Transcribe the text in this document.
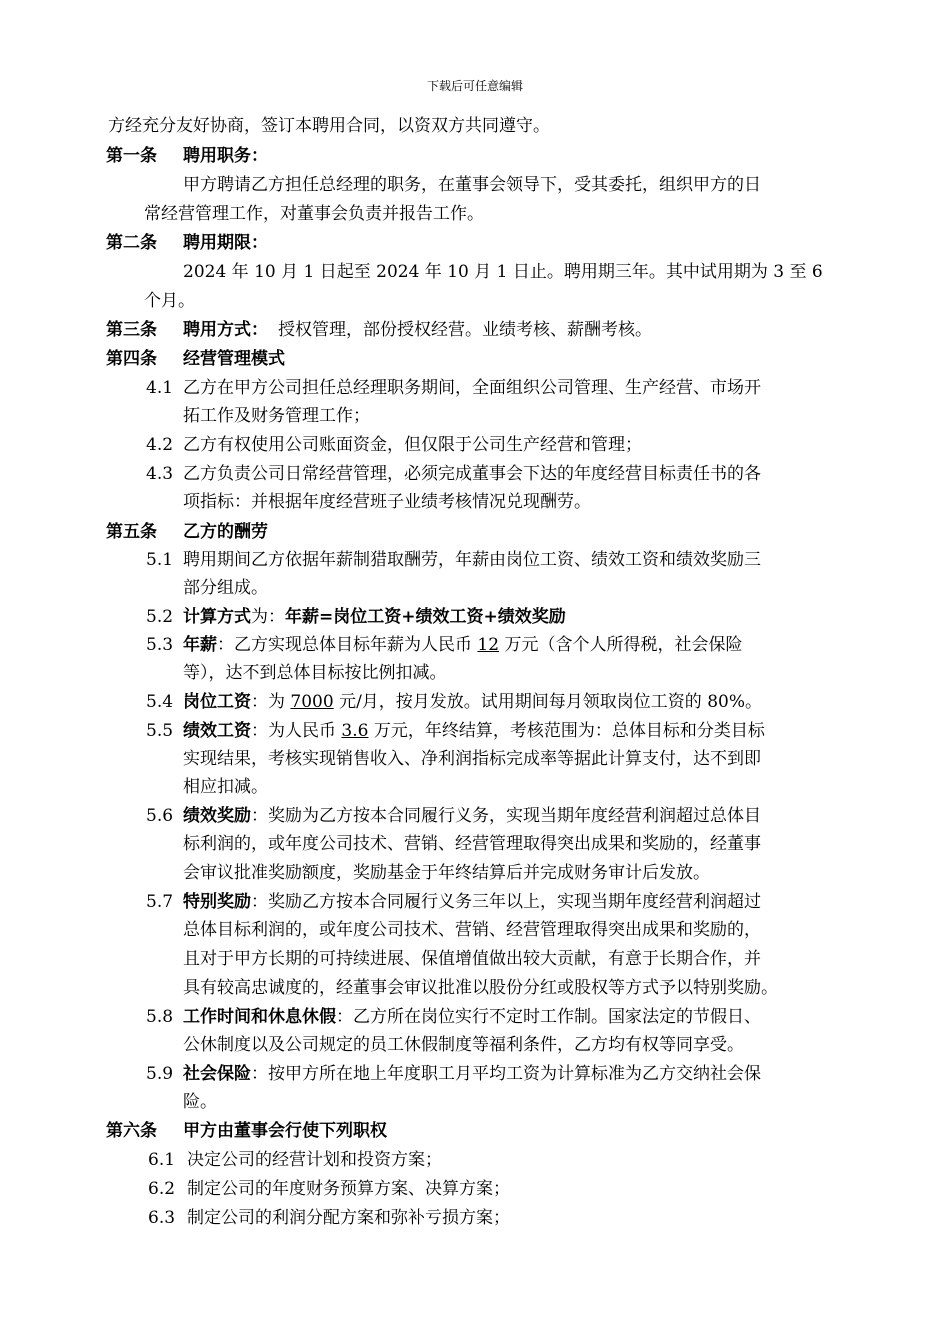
下载后可任意编辑
方经充分友好协商，签订本聘用合同，以资双方共同遵守。
第一条 聘用职务：
甲方聘请乙方担任总经理的职务，在董事会领导下，受其委托，组织甲方的日
常经营管理工作，对董事会负责并报告工作。
第二条 聘用期限：
2024 年 10 月 1 日起至 2024 年 10 月 1 日止。聘用期三年。其中试用期为 3 至 6
个月。
第三条 聘用方式： 授权管理，部份授权经营。业绩考核、薪酬考核。
第四条 经营管理模式
4.1 乙方在甲方公司担任总经理职务期间，全面组织公司管理、生产经营、市场开
拓工作及财务管理工作；
4.2 乙方有权使用公司账面资金，但仅限于公司生产经营和管理；
4.3 乙方负责公司日常经营管理，必须完成董事会下达的年度经营目标责任书的各
项指标：并根据年度经营班子业绩考核情况兑现酬劳。
第五条 乙方的酬劳
5.1 聘用期间乙方依据年薪制猎取酬劳，年薪由岗位工资、绩效工资和绩效奖励三
部分组成。
5.2 计算方式为：年薪=岗位工资+绩效工资+绩效奖励
5.3 年薪：乙方实现总体目标年薪为人民币 12 万元（含个人所得税，社会保险
等），达不到总体目标按比例扣减。
5.4 岗位工资：为 7000 元/月，按月发放。试用期间每月领取岗位工资的 80%。
5.5 绩效工资：为人民币 3.6 万元，年终结算，考核范围为：总体目标和分类目标
实现结果，考核实现销售收入、净利润指标完成率等据此计算支付，达不到即
相应扣减。
5.6 绩效奖励：奖励为乙方按本合同履行义务，实现当期年度经营利润超过总体目
标利润的，或年度公司技术、营销、经营管理取得突出成果和奖励的，经董事
会审议批准奖励额度，奖励基金于年终结算后并完成财务审计后发放。
5.7 特别奖励：奖励乙方按本合同履行义务三年以上，实现当期年度经营利润超过
总体目标利润的，或年度公司技术、营销、经营管理取得突出成果和奖励的，
且对于甲方长期的可持续进展、保值增值做出较大贡献，有意于长期合作，并
具有较高忠诚度的，经董事会审议批准以股份分红或股权等方式予以特别奖励。
5.8 工作时间和休息休假：乙方所在岗位实行不定时工作制。国家法定的节假日、
公休制度以及公司规定的员工休假制度等福利条件，乙方均有权等同享受。
5.9 社会保险：按甲方所在地上年度职工月平均工资为计算标准为乙方交纳社会保
险。
第六条 甲方由董事会行使下列职权
6.1 决定公司的经营计划和投资方案；
6.2 制定公司的年度财务预算方案、决算方案；
6.3 制定公司的利润分配方案和弥补亏损方案；
